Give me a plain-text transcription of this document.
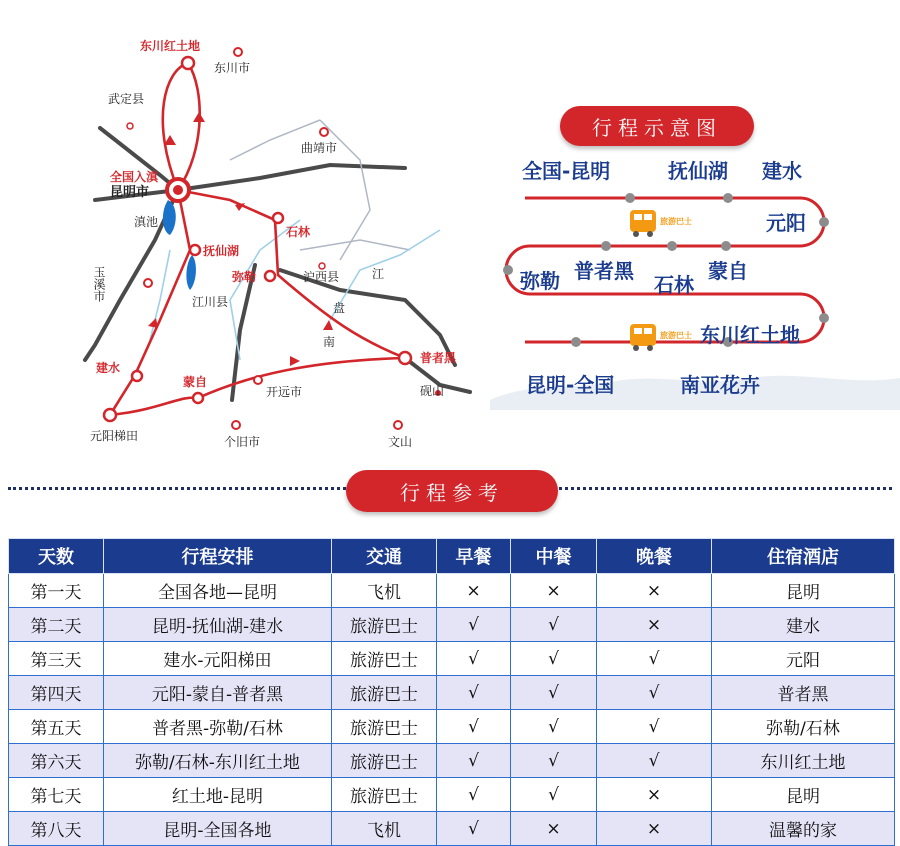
东川红土地
全国入滇
昆明市
抚仙湖
石林
弥勒
建水
蒙自
普者黑
东川市
武定县
曲靖市
滇池
玉溪市	江川县
沪西县	江
盘
南
开远市	砚山
元阳梯田	个旧市	文山
行程示意图
旅游巴士
旅游巴士
全国-昆明	抚仙湖 建水
元阳
弥勒 普者黑
石林
蒙自
东川红土地
昆明-全国	南亚花卉
行程参考
天数	行程安排	交通	早餐	中餐	晚餐	住宿酒店
第一天	全国各地—昆明	飞机	×	×	×	昆明
第二天	昆明-抚仙湖-建水	旅游巴士	√	√	×	建水
第三天	建水-元阳梯田	旅游巴士	√	√	√	元阳
第四天	元阳-蒙自-普者黑	旅游巴士	√	√	√	普者黑
第五天	普者黑-弥勒/石林	旅游巴士	√	√	√	弥勒/石林
第六天	弥勒/石林-东川红土地	旅游巴士	√	√	√	东川红土地
第七天	红土地-昆明	旅游巴士	√	√	×	昆明
第八天	昆明-全国各地	飞机	√	×	×	温馨的家
